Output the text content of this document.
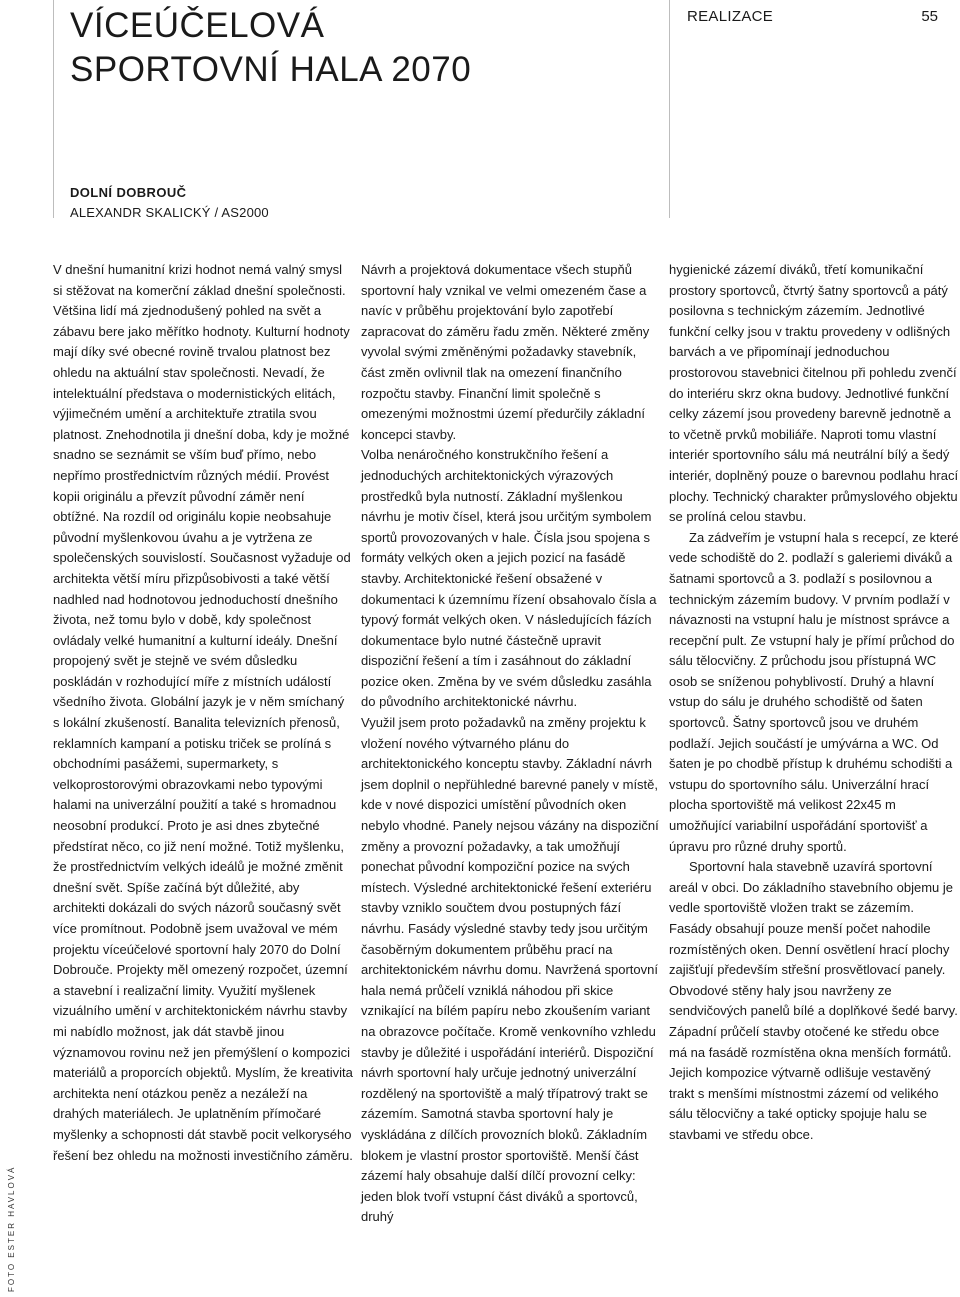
VÍCEÚČELOVÁ
SPORTOVNÍ HALA 2070
REALIZACE	55
DOLNÍ DOBROUČ
ALEXANDR SKALICKÝ / AS2000

V dnešní humanitní krizi hodnot nemá valný smysl si stěžovat na komerční základ dnešní společnosti. Většina lidí má zjednodušený pohled na svět a zábavu bere jako měřítko hodnoty. Kulturní hodnoty mají díky své obecné rovině trvalou platnost bez ohledu na aktuální stav společnosti. Nevadí, že intelektuální představa o modernistických elitách, výjimečném umění a architektuře ztratila svou platnost. Znehodnotila ji dnešní doba, kdy je možné snadno se seznámit se vším buď přímo, nebo nepřímo prostřednictvím různých médií. Provést kopii originálu a převzít původní záměr není obtížné. Na rozdíl od originálu kopie neobsahuje původní myšlenkovou úvahu a je vytržena ze společenských souvislostí. Současnost vyžaduje od architekta větší míru přizpůsobivosti a také větší nadhled nad hodnotovou jednoduchostí dnešního života, než tomu bylo v době, kdy společnost ovládaly velké humanitní a kulturní ideály. Dnešní propojený svět je stejně ve svém důsledku poskládán v rozhodující míře z místních událostí všedního života. Globální jazyk je v něm smíchaný s lokální zkušeností. Banalita televizních přenosů, reklamních kampaní a potisku triček se prolíná s obchodními pasážemi, supermarkety, s velkoprostorovými obrazovkami nebo typovými halami na univerzální použití a také s hromadnou neosobní produkcí. Proto je asi dnes zbytečné předstírat něco, co již není možné. Totiž myšlenku, že prostřednictvím velkých ideálů je možné změnit dnešní svět. Spíše začíná být důležité, aby architekti dokázali do svých názorů současný svět více promítnout. Podobně jsem uvažoval ve mém projektu víceúčelové sportovní haly 2070 do Dolní Dobrouče. Projekty měl omezený rozpočet, územní a stavební i realizační limity. Využití myšlenek vizuálního umění v architektonickém návrhu stavby mi nabídlo možnost, jak dát stavbě jinou významovou rovinu než jen přemýšlení o kompozici materiálů a proporcích objektů. Myslím, že kreativita architekta není otázkou peněz a nezáleží na drahých materiálech. Je uplatněním přímočaré myšlenky a schopnosti dát stavbě pocit velkorysého řešení bez ohledu na možnosti investičního záměru.

Návrh a projektová dokumentace všech stupňů sportovní haly vznikal ve velmi omezeném čase a navíc v průběhu projektování bylo zapotřebí zapracovat do záměru řadu změn. Některé změny vyvolal svými změněnými požadavky stavebník, část změn ovlivnil tlak na omezení finančního rozpočtu stavby. Finanční limit společně s omezenými možnostmi území předurčily základní koncepci stavby.

Volba nenáročného konstrukčního řešení a jednoduchých architektonických výrazových prostředků byla nutností. Základní myšlenkou návrhu je motiv čísel, která jsou určitým symbolem sportů provozovaných v hale. Čísla jsou spojena s formáty velkých oken a jejich pozicí na fasádě stavby. Architektonické řešení obsažené v dokumentaci k územnímu řízení obsahovalo čísla a typový formát velkých oken. V následujících fázích dokumentace bylo nutné částečně upravit dispoziční řešení a tím i zasáhnout do základní pozice oken. Změna by ve svém důsledku zasáhla do původního architektonické návrhu.

Využil jsem proto požadavků na změny projektu k vložení nového výtvarného plánu do architektonického konceptu stavby. Základní návrh jsem doplnil o nepřühledné barevné panely v místě, kde v nové dispozici umístění původních oken nebylo vhodné. Panely nejsou vázány na dispoziční změny a provozní požadavky, a tak umožňují ponechat původní kompoziční pozice na svých místech. Výsledné architektonické řešení exteriéru stavby vzniklo součtem dvou postupných fází návrhu. Fasády výsledné stavby tedy jsou určitým časoběrným dokumentem průběhu prací na architektonickém návrhu domu. Navržená sportovní hala nemá průčelí vzniklá náhodou při skice vznikající na bílém papíru nebo zkoušením variant na obrazovce počítače. Kromě venkovního vzhledu stavby je důležité i uspořádání interiérů. Dispoziční návrh sportovní haly určuje jednotný univerzální rozdělený na sportoviště a malý třípatrový trakt se zázemím. Samotná stavba sportovní haly je vyskládána z dílčích provozních bloků. Základním blokem je vlastní prostor sportoviště. Menší část zázemí haly obsahuje další dílčí provozní celky: jeden blok tvoří vstupní část diváků a sportovců, druhý

hygienické zázemí diváků, třetí komunikační prostory sportovců, čtvrtý šatny sportovců a pátý posilovna s technickým zázemím. Jednotlivé funkční celky jsou v traktu provedeny v odlišných barvách a ve připomínají jednoduchou prostorovou stavebnici čitelnou při pohledu zvenčí do interiéru skrz okna budovy. Jednotlivé funkční celky zázemí jsou provedeny barevně jednotně a to včetně prvků mobiliáře. Naproti tomu vlastní interiér sportovního sálu má neutrální bílý a šedý interiér, doplněný pouze o barevnou podlahu hrací plochy. Technický charakter průmyslového objektu se prolíná celou stavbu.

Za zádveřím je vstupní hala s recepcí, ze které vede schodiště do 2. podlaží s galeriemi diváků a šatnami sportovců a 3. podlaží s posilovnou a technickým zázemím budovy. V prvním podlaží v návaznosti na vstupní halu je místnost správce a recepční pult. Ze vstupní haly je přímí průchod do sálu tělocvičny. Z průchodu jsou přístupná WC osob se sníženou pohyblivostí. Druhý a hlavní vstup do sálu je druhého schodiště od šaten sportovců. Šatny sportovců jsou ve druhém podlaží. Jejich součástí je umývárna a WC. Od šaten je po chodbě přístup k druhému schodišti a vstupu do sportovního sálu. Univerzální hrací plocha sportoviště má velikost 22x45 m umožňující variabilní uspořádání sportovišť a úpravu pro různé druhy sportů.

Sportovní hala stavebně uzavírá sportovní areál v obci. Do základního stavebního objemu je vedle sportoviště vložen trakt se zázemím. Fasády obsahují pouze menší počet nahodile rozmístěných oken. Denní osvětlení hrací plochy zajišťují především střešní prosvětlovací panely. Obvodové stěny haly jsou navrženy ze sendvičových panelů bílé a doplňkové šedé barvy. Západní průčelí stavby otočené ke středu obce má na fasádě rozmístěna okna menších formátů. Jejich kompozice výtvarně odlišuje vestavěný trakt s menšími místnostmi zázemí od velikého sálu tělocvičny a také opticky spojuje halu se stavbami ve středu obce.

FOTO ESTER HAVLOVÁ
